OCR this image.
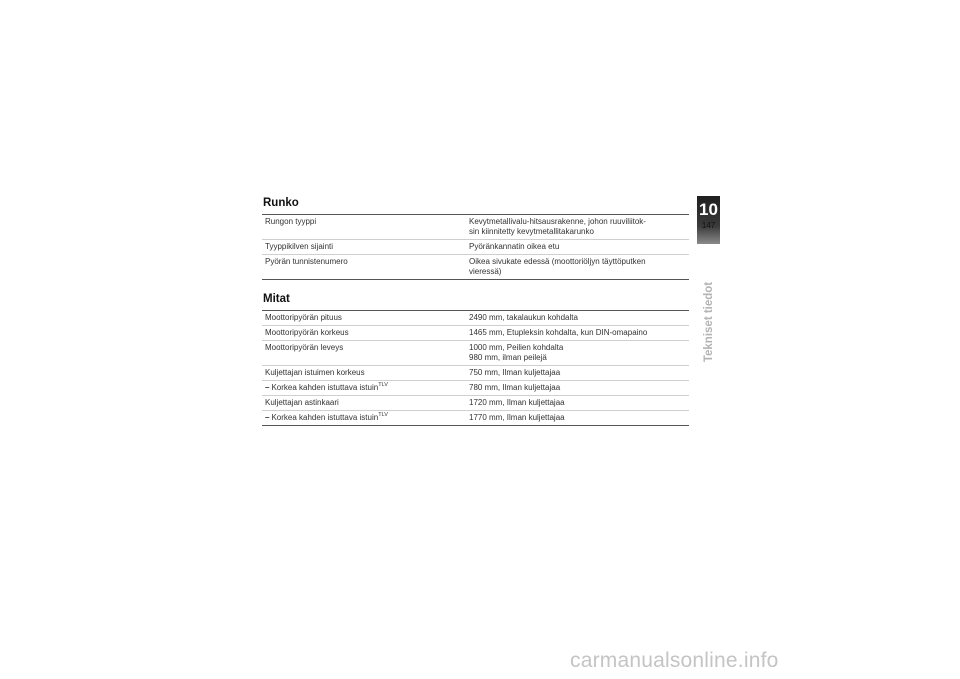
Runko
Rungon tyyppi	Kevytmetallivalu-hitsausrakenne, johon ruuviliitok-
sin kiinnitetty kevytmetallitakarunko
Tyyppikilven sijainti	Pyöränkannatin oikea etu
Pyörän tunnistenumero	Oikea sivukate edessä (moottoriöljyn täyttöputken
vieressä)
Mitat
Moottoripyörän pituus	2490 mm, takalaukun kohdalta
Moottoripyörän korkeus	1465 mm, Etupleksin kohdalta, kun DIN-omapaino
Moottoripyörän leveys	1000 mm, Peilien kohdalta
980 mm, ilman peilejä
Kuljettajan istuimen korkeus	750 mm, Ilman kuljettajaa
– Korkea kahden istuttava istuin$^{TLV}$	780 mm, Ilman kuljettajaa
Kuljettajan astinkaari	1720 mm, Ilman kuljettajaa
– Korkea kahden istuttava istuin$^{TLV}$	1770 mm, Ilman kuljettajaa
10
147
Tekniset tiedot
carmanualsonline.info
